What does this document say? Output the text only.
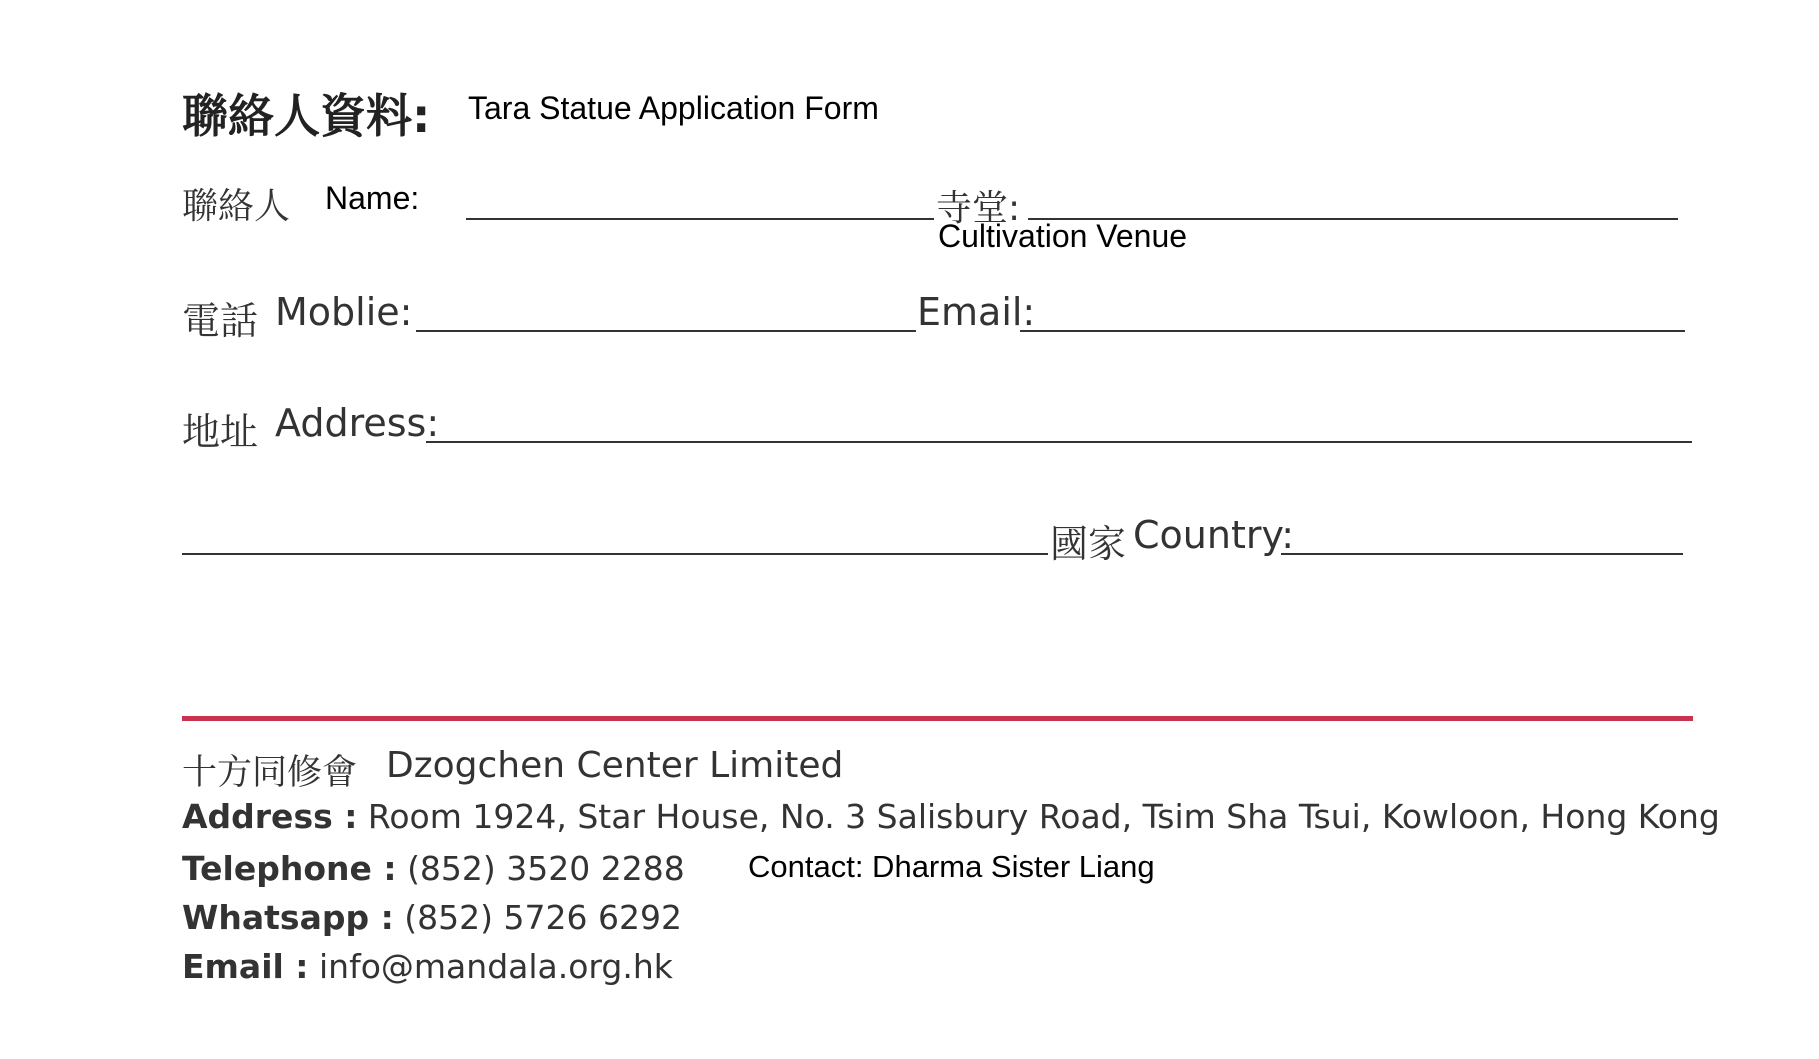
聯絡人資料: Tara Statue Application Form
聯絡人 Name:	寺堂:
Cultivation Venue
電話 Moblie:	Email:
地址 Address:
國家 Country:
十方同修會 Dzogchen Center Limited
Address : Room 1924, Star House, No. 3 Salisbury Road, Tsim Sha Tsui, Kowloon, Hong Kong
Telephone : (852) 3520 2288 Contact: Dharma Sister Liang
Whatsapp : (852) 5726 6292
Email : info@mandala.org.hk
